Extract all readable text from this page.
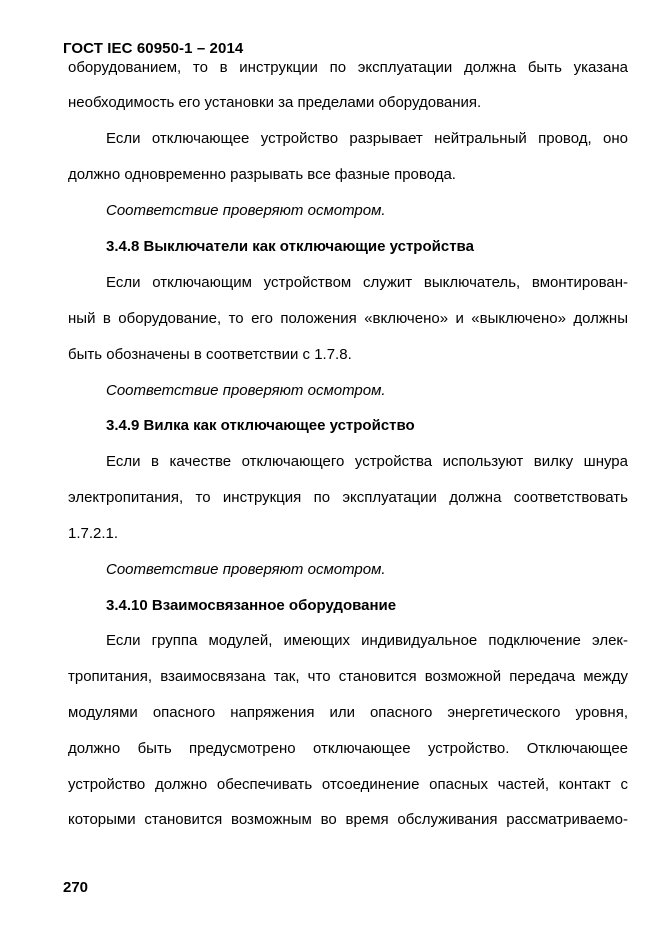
ГОСТ IEC 60950-1 – 2014
оборудованием, то в инструкции по эксплуатации должна быть указана
необходимость его установки за пределами оборудования.
Если отключающее устройство разрывает нейтральный провод, оно
должно одновременно разрывать все фазные провода.
Соответствие проверяют осмотром.
3.4.8 Выключатели как отключающие устройства
Если отключающим устройством служит выключатель, вмонтирован-
ный в оборудование, то его положения «включено» и «выключено» должны
быть обозначены в соответствии с 1.7.8.
Соответствие проверяют осмотром.
3.4.9 Вилка как отключающее устройство
Если в качестве отключающего устройства используют вилку шнура
электропитания, то инструкция по эксплуатации должна соответствовать
1.7.2.1.
Соответствие проверяют осмотром.
3.4.10 Взаимосвязанное оборудование
Если группа модулей, имеющих индивидуальное подключение элек-
тропитания, взаимосвязана так, что становится возможной передача между
модулями опасного напряжения или опасного энергетического уровня,
должно быть предусмотрено отключающее устройство. Отключающее
устройство должно обеспечивать отсоединение опасных частей, контакт с
которыми становится возможным во время обслуживания рассматриваемо-
270
